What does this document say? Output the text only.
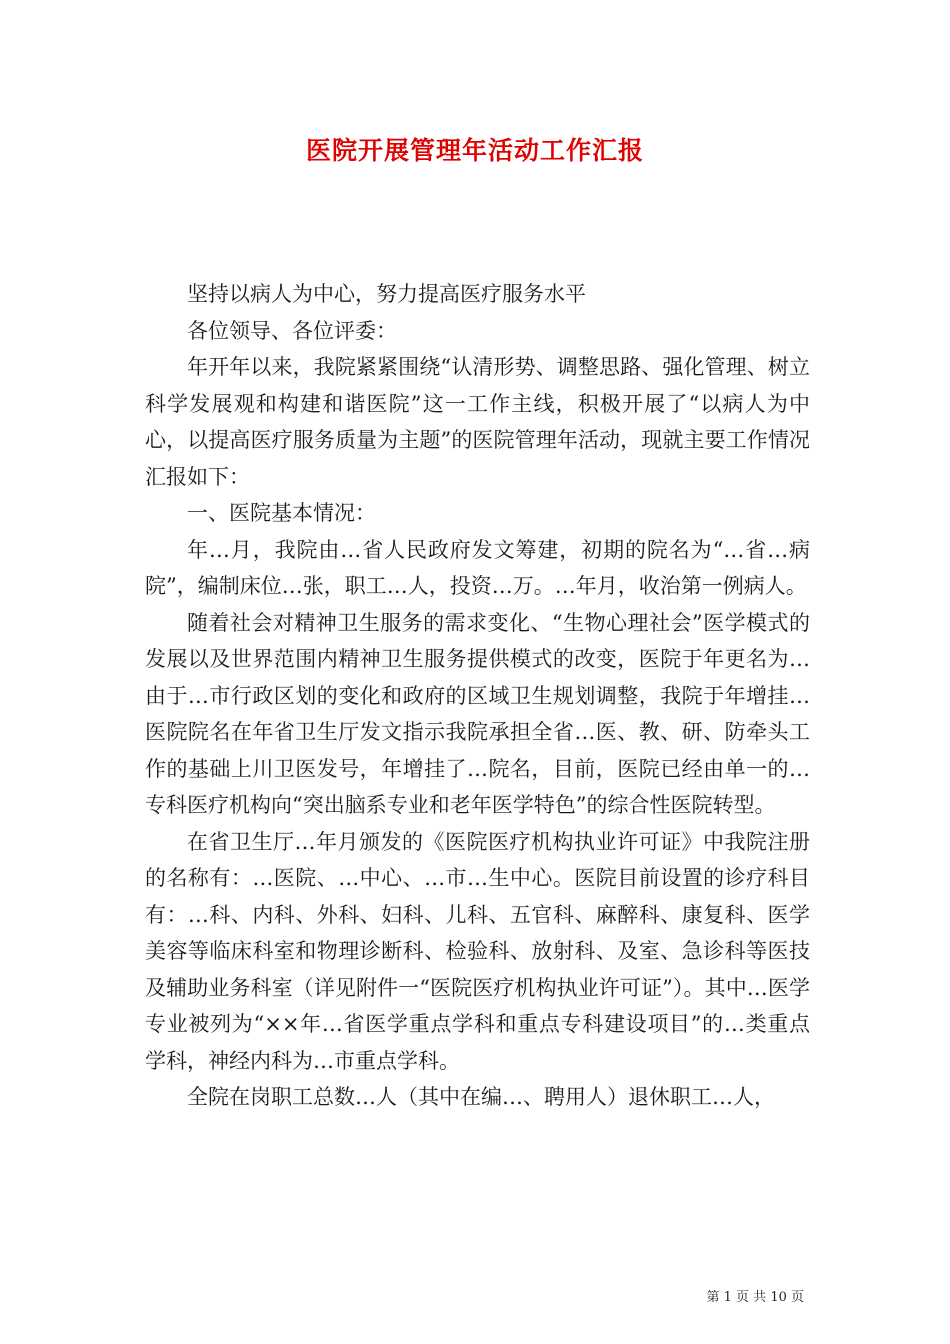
医院开展管理年活动工作汇报

坚持以病人为中心，努力提高医疗服务水平

各位领导、各位评委：

年开年以来，我院紧紧围绕“认清形势、调整思路、强化管理、树立科学发展观和构建和谐医院”这一工作主线，积极开展了“以病人为中心，以提高医疗服务质量为主题”的医院管理年活动，现就主要工作情况汇报如下：

一、医院基本情况：

年…月，我院由…省人民政府发文筹建，初期的院名为“…省…病院”，编制床位…张，职工…人，投资…万。…年月，收治第一例病人。

随着社会对精神卫生服务的需求变化、“生物心理社会”医学模式的发展以及世界范围内精神卫生服务提供模式的改变，医院于年更名为…由于…市行政区划的变化和政府的区域卫生规划调整，我院于年增挂…医院院名在年省卫生厅发文指示我院承担全省…医、教、研、防牵头工作的基础上川卫医发号，年增挂了…院名，目前，医院已经由单一的…专科医疗机构向“突出脑系专业和老年医学特色”的综合性医院转型。

在省卫生厅…年月颁发的《医院医疗机构执业许可证》中我院注册的名称有：…医院、…中心、…市…生中心。医院目前设置的诊疗科目有：…科、内科、外科、妇科、儿科、五官科、麻醉科、康复科、医学美容等临床科室和物理诊断科、检验科、放射科、及室、急诊科等医技及辅助业务科室（详见附件一“医院医疗机构执业许可证”）。其中…医学专业被列为“××年…省医学重点学科和重点专科建设项目”的…类重点学科，神经内科为…市重点学科。

全院在岗职工总数…人（其中在编…、聘用人）退休职工…人，

第 1 页 共 10 页
